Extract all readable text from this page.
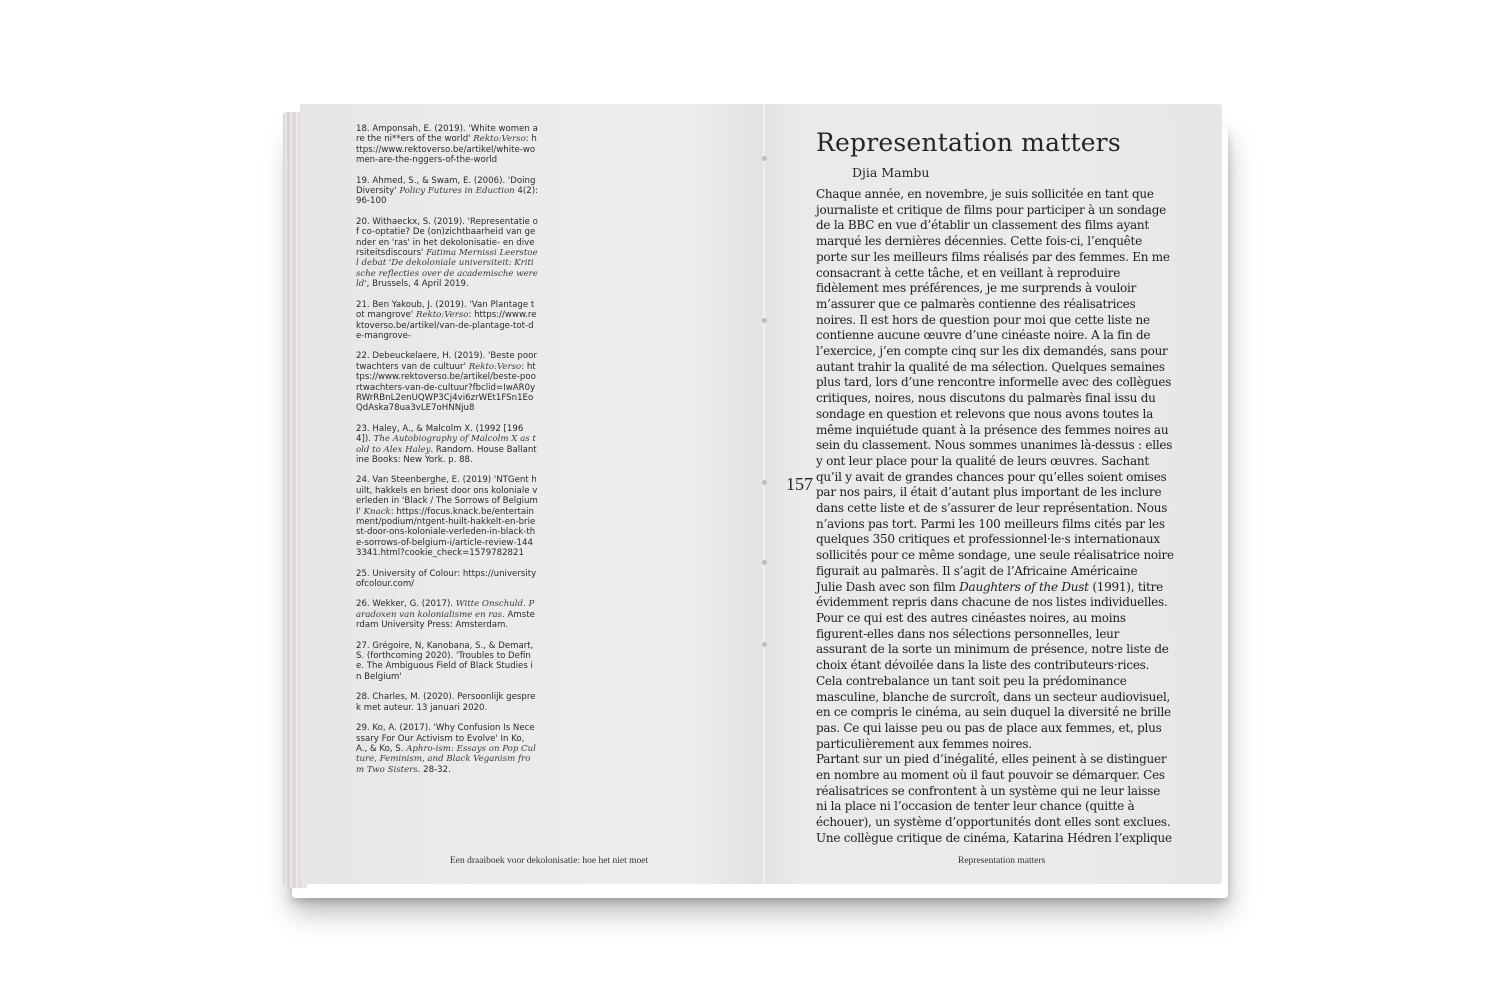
18. Amponsah, E. (2019). 'White women are the ni**ers of the world' Rekto:Verso: https://www.rektoverso.be/artikel/white-women-are-the-nggers-of-the-world

19. Ahmed, S., & Swam, E. (2006). 'Doing Diversity' Policy Futures in Eduction 4(2): 96-100

20. Withaeckx, S. (2019). 'Representatie of co-optatie? De (on)zichtbaarheid van gender en 'ras' in het dekolonisatie- en diversiteitsdiscours' Fatima Mernissi Leerstoel debat 'De dekoloniale universiteit: Kritische reflecties over de academische wereld', Brussels, 4 April 2019.

21. Ben Yakoub, J. (2019). 'Van Plantage tot mangrove' Rekto:Verso: https://www.rektoverso.be/artikel/van-de-plantage-tot-de-mangrove-

22. Debeuckelaere, H. (2019). 'Beste poortwachters van de cultuur' Rekto:Verso: https://www.rektoverso.be/artikel/beste-poortwachters-van-de-cultuur?fbclid=IwAR0yRWrRBnL2enUQWP3Cj4vi6zrWEt1FSn1EoQdAska78ua3vLE7oHNNju8

23. Haley, A., & Malcolm X. (1992 [1964]). The Autobiography of Malcolm X as told to Alex Haley. Random. House Ballantine Books: New York. p. 88.

24. Van Steenberghe, E. (2019) 'NTGent huilt, hakkels en briest door ons koloniale verleden in 'Black / The Sorrows of Belgium I' Knack: https://focus.knack.be/entertainment/podium/ntgent-huilt-hakkelt-en-briest-door-ons-koloniale-verleden-in-black-the-sorrows-of-belgium-i/article-review-1443341.html?cookie_check=1579782821

25. University of Colour: https://universityofcolour.com/

26. Wekker, G. (2017). Witte Onschuld. Paradoxen van kolonialisme en ras. Amsterdam University Press: Amsterdam.

27. Grégoire, N, Kanobana, S., & Demart, S. (forthcoming 2020). 'Troubles to Define. The Ambiguous Field of Black Studies in Belgium'

28. Charles, M. (2020). Persoonlijk gesprek met auteur. 13 januari 2020.

29. Ko, A. (2017). 'Why Confusion Is Necessary For Our Activism to Evolve' In Ko, A., & Ko, S. Aphro-ism: Essays on Pop Culture, Feminism, and Black Veganism from Two Sisters. 28-32.

Een draaiboek voor dekolonisatie: hoe het niet moet
Representation matters
Djia Mambu
157
Chaque année, en novembre, je suis sollicitée en tant que
journaliste et critique de films pour participer à un sondage
de la BBC en vue d’établir un classement des films ayant
marqué les dernières décennies. Cette fois-ci, l’enquête
porte sur les meilleurs films réalisés par des femmes. En me
consacrant à cette tâche, et en veillant à reproduire
fidèlement mes préférences, je me surprends à vouloir
m’assurer que ce palmarès contienne des réalisatrices
noires. Il est hors de question pour moi que cette liste ne
contienne aucune œuvre d’une cinéaste noire. A la fin de
l’exercice, j’en compte cinq sur les dix demandés, sans pour
autant trahir la qualité de ma sélection. Quelques semaines
plus tard, lors d’une rencontre informelle avec des collègues
critiques, noires, nous discutons du palmarès final issu du
sondage en question et relevons que nous avons toutes la
même inquiétude quant à la présence des femmes noires au
sein du classement. Nous sommes unanimes là-dessus : elles
y ont leur place pour la qualité de leurs œuvres. Sachant
qu’il y avait de grandes chances pour qu’elles soient omises
par nos pairs, il était d’autant plus important de les inclure
dans cette liste et de s’assurer de leur représentation. Nous
n’avions pas tort. Parmi les 100 meilleurs films cités par les
quelques 350 critiques et professionnel·le·s internationaux
sollicités pour ce même sondage, une seule réalisatrice noire
figurait au palmarès. Il s’agit de l’Africaine Américaine
Julie Dash avec son film Daughters of the Dust (1991), titre
évidemment repris dans chacune de nos listes individuelles.
Pour ce qui est des autres cinéastes noires, au moins
figurent-elles dans nos sélections personnelles, leur
assurant de la sorte un minimum de présence, notre liste de
choix étant dévoilée dans la liste des contributeurs·rices.
Cela contrebalance un tant soit peu la prédominance
masculine, blanche de surcroît, dans un secteur audiovisuel,
en ce compris le cinéma, au sein duquel la diversité ne brille
pas. Ce qui laisse peu ou pas de place aux femmes, et, plus
particulièrement aux femmes noires.
Partant sur un pied d’inégalité, elles peinent à se distinguer
en nombre au moment où il faut pouvoir se démarquer. Ces
réalisatrices se confrontent à un système qui ne leur laisse
ni la place ni l’occasion de tenter leur chance (quitte à
échouer), un système d’opportunités dont elles sont exclues.
Une collègue critique de cinéma, Katarina Hédren l’explique
Representation matters
